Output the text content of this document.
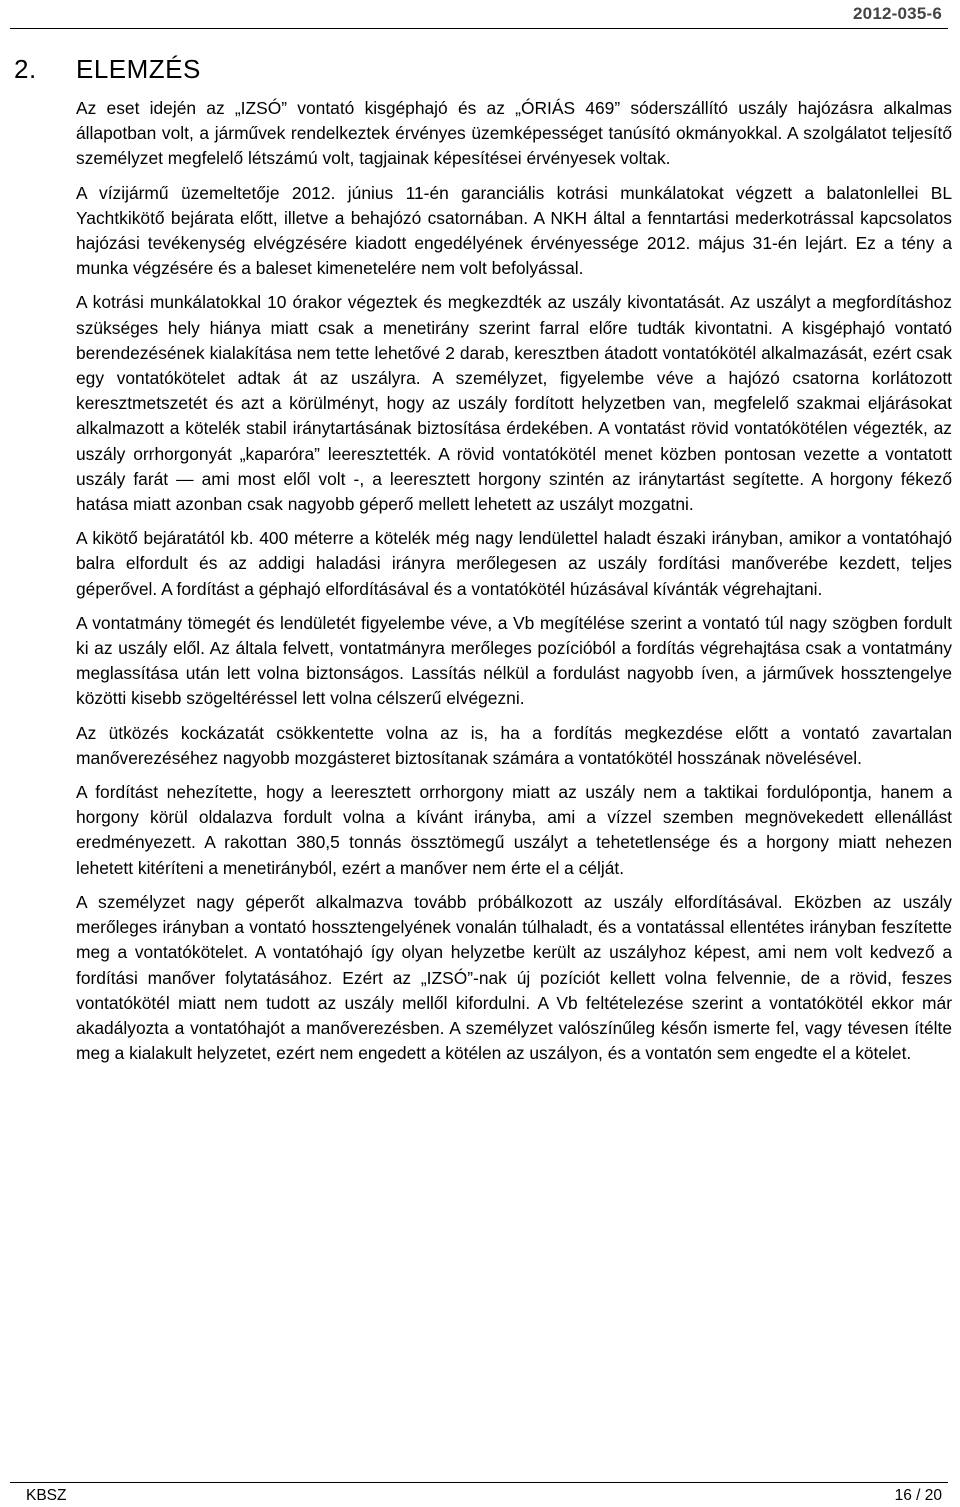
2012-035-6
2. ELEMZÉS

Az eset idején az „IZSÓ” vontató kisgéphajó és az „ÓRIÁS 469” sóderszállító uszály hajózásra alkalmas állapotban volt, a járművek rendelkeztek érvényes üzemképességet tanúsító okmányokkal. A szolgálatot teljesítő személyzet megfelelő létszámú volt, tagjainak képesítései érvényesek voltak.

A vízijármű üzemeltetője 2012. június 11-én garanciális kotrási munkálatokat végzett a balatonlellei BL Yachtkikötő bejárata előtt, illetve a behajózó csatornában. A NKH által a fenntartási mederkotrással kapcsolatos hajózási tevékenység elvégzésére kiadott engedélyének érvényessége 2012. május 31-én lejárt. Ez a tény a munka végzésére és a baleset kimenetelére nem volt befolyással.

A kotrási munkálatokkal 10 órakor végeztek és megkezdték az uszály kivontatását. Az uszályt a megfordításhoz szükséges hely hiánya miatt csak a menetirány szerint farral előre tudták kivontatni. A kisgéphajó vontató berendezésének kialakítása nem tette lehetővé 2 darab, keresztben átadott vontatókötél alkalmazását, ezért csak egy vontatókötelet adtak át az uszályra. A személyzet, figyelembe véve a hajózó csatorna korlátozott keresztmetszetét és azt a körülményt, hogy az uszály fordított helyzetben van, megfelelő szakmai eljárásokat alkalmazott a kötelék stabil iránytartásának biztosítása érdekében. A vontatást rövid vontatókötélen végezték, az uszály orrhorgonyát „kaparóra” leeresztették. A rövid vontatókötél menet közben pontosan vezette a vontatott uszály farát — ami most elől volt -, a leeresztett horgony szintén az iránytartást segítette. A horgony fékező hatása miatt azonban csak nagyobb géperő mellett lehetett az uszályt mozgatni.

A kikötő bejáratától kb. 400 méterre a kötelék még nagy lendülettel haladt északi irányban, amikor a vontatóhajó balra elfordult és az addigi haladási irányra merőlegesen az uszály fordítási manőverébe kezdett, teljes géperővel. A fordítást a géphajó elfordításával és a vontatókötél húzásával kívánták végrehajtani.

A vontatmány tömegét és lendületét figyelembe véve, a Vb megítélése szerint a vontató túl nagy szögben fordult ki az uszály elől. Az általa felvett, vontatmányra merőleges pozícióból a fordítás végrehajtása csak a vontatmány meglassítása után lett volna biztonságos. Lassítás nélkül a fordulást nagyobb íven, a járművek hossztengelye közötti kisebb szögeltéréssel lett volna célszerű elvégezni.

Az ütközés kockázatát csökkentette volna az is, ha a fordítás megkezdése előtt a vontató zavartalan manőverezéséhez nagyobb mozgásteret biztosítanak számára a vontatókötél hosszának növelésével.

A fordítást nehezítette, hogy a leeresztett orrhorgony miatt az uszály nem a taktikai fordulópontja, hanem a horgony körül oldalazva fordult volna a kívánt irányba, ami a vízzel szemben megnövekedett ellenállást eredményezett. A rakottan 380,5 tonnás össztömegű uszályt a tehetetlensége és a horgony miatt nehezen lehetett kitéríteni a menetirányból, ezért a manőver nem érte el a célját.

A személyzet nagy géperőt alkalmazva tovább próbálkozott az uszály elfordításával. Eközben az uszály merőleges irányban a vontató hossztengelyének vonalán túlhaladt, és a vontatással ellentétes irányban feszítette meg a vontatókötelet. A vontatóhajó így olyan helyzetbe került az uszályhoz képest, ami nem volt kedvező a fordítási manőver folytatásához. Ezért az „IZSÓ”-nak új pozíciót kellett volna felvennie, de a rövid, feszes vontatókötél miatt nem tudott az uszály mellől kifordulni. A Vb feltételezése szerint a vontatókötél ekkor már akadályozta a vontatóhajót a manőverezésben. A személyzet valószínűleg későn ismerte fel, vagy tévesen ítélte meg a kialakult helyzetet, ezért nem engedett a kötélen az uszályon, és a vontatón sem engedte el a kötelet.

KBSZ	16 / 20
